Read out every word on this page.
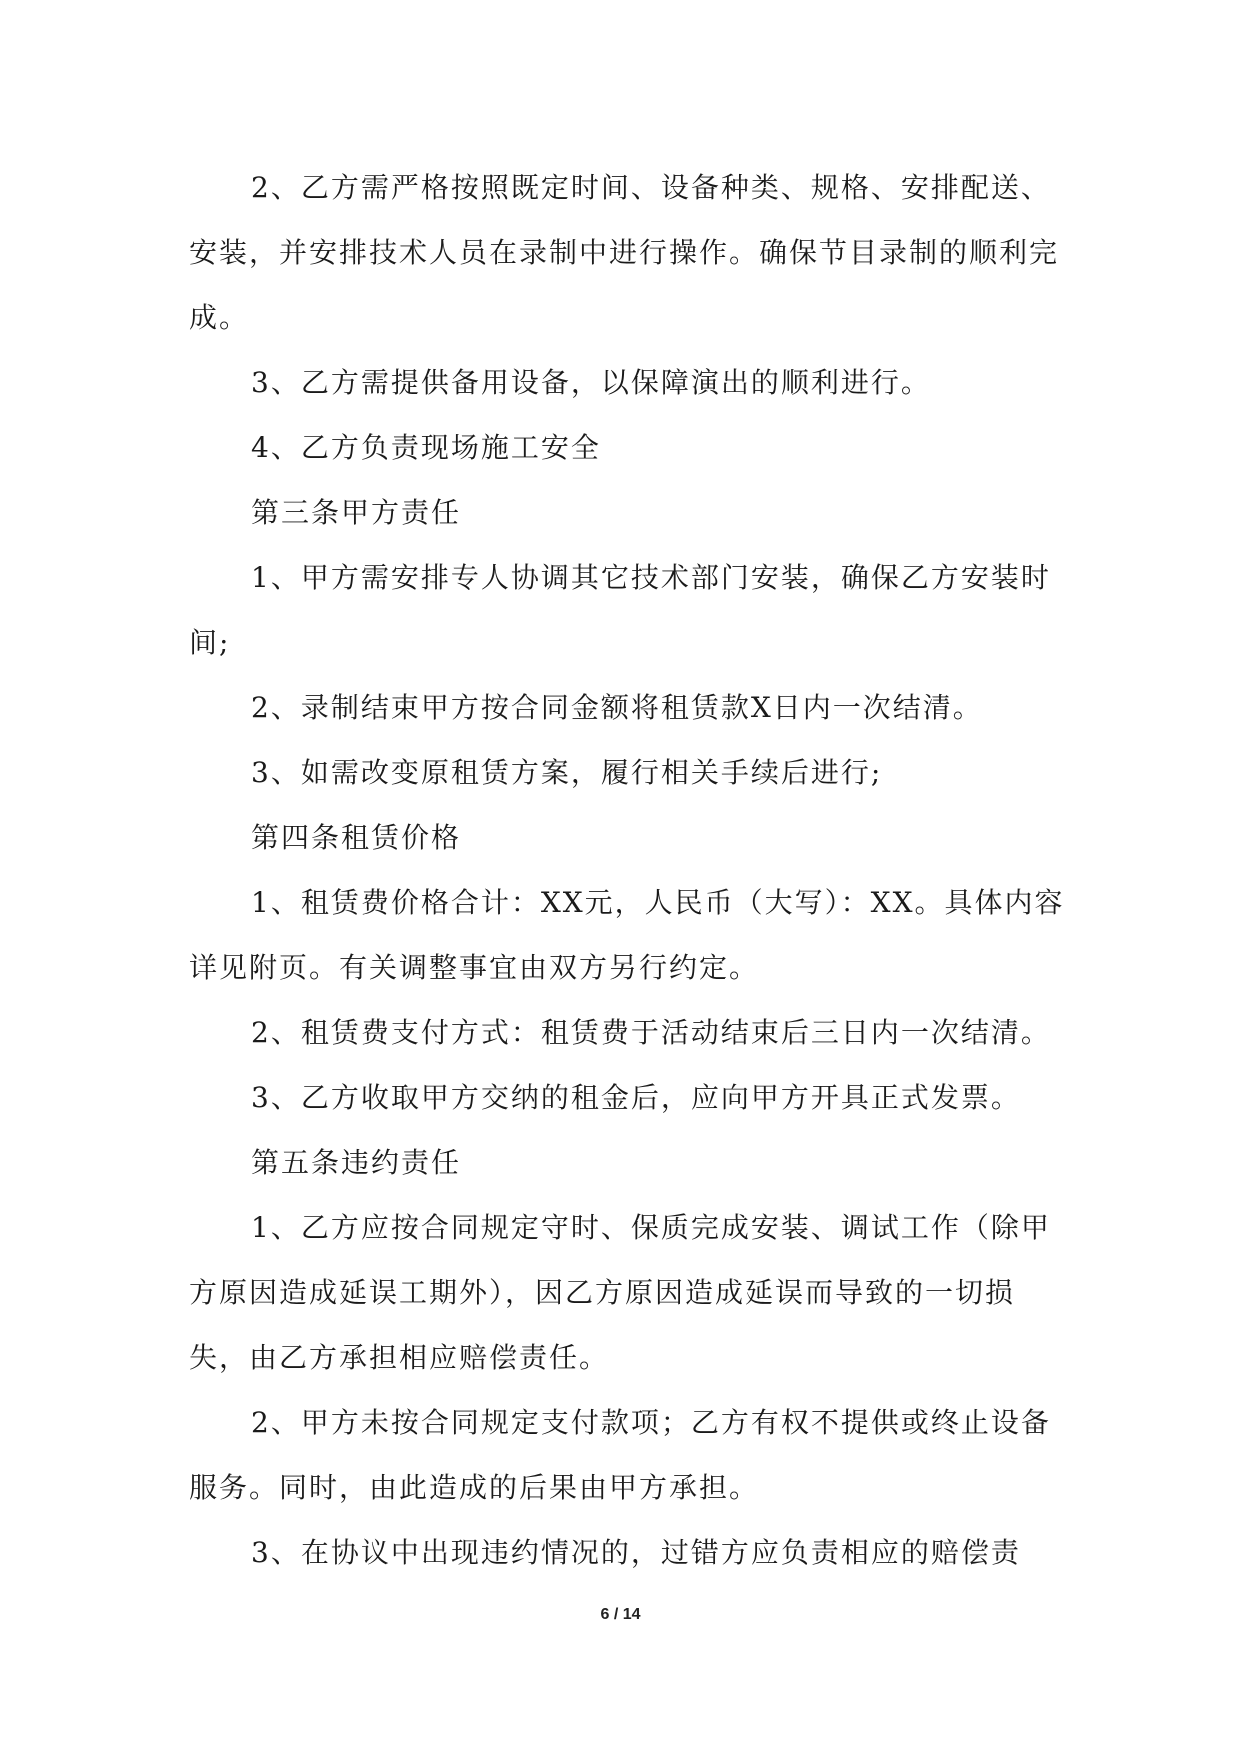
2、乙方需严格按照既定时间、设备种类、规格、安排配送、安装，并安排技术人员在录制中进行操作。确保节目录制的顺利完成。

3、乙方需提供备用设备，以保障演出的顺利进行。

4、乙方负责现场施工安全

第三条甲方责任

1、甲方需安排专人协调其它技术部门安装，确保乙方安装时间;

2、录制结束甲方按合同金额将租赁款X日内一次结清。

3、如需改变原租赁方案，履行相关手续后进行;

第四条租赁价格

1、租赁费价格合计：XX元，人民币（大写）：XX。具体内容详见附页。有关调整事宜由双方另行约定。

2、租赁费支付方式：租赁费于活动结束后三日内一次结清。

3、乙方收取甲方交纳的租金后，应向甲方开具正式发票。

第五条违约责任

1、乙方应按合同规定守时、保质完成安装、调试工作（除甲方原因造成延误工期外），因乙方原因造成延误而导致的一切损失，由乙方承担相应赔偿责任。

2、甲方未按合同规定支付款项；乙方有权不提供或终止设备服务。同时，由此造成的后果由甲方承担。

3、在协议中出现违约情况的，过错方应负责相应的赔偿责

6 / 14
